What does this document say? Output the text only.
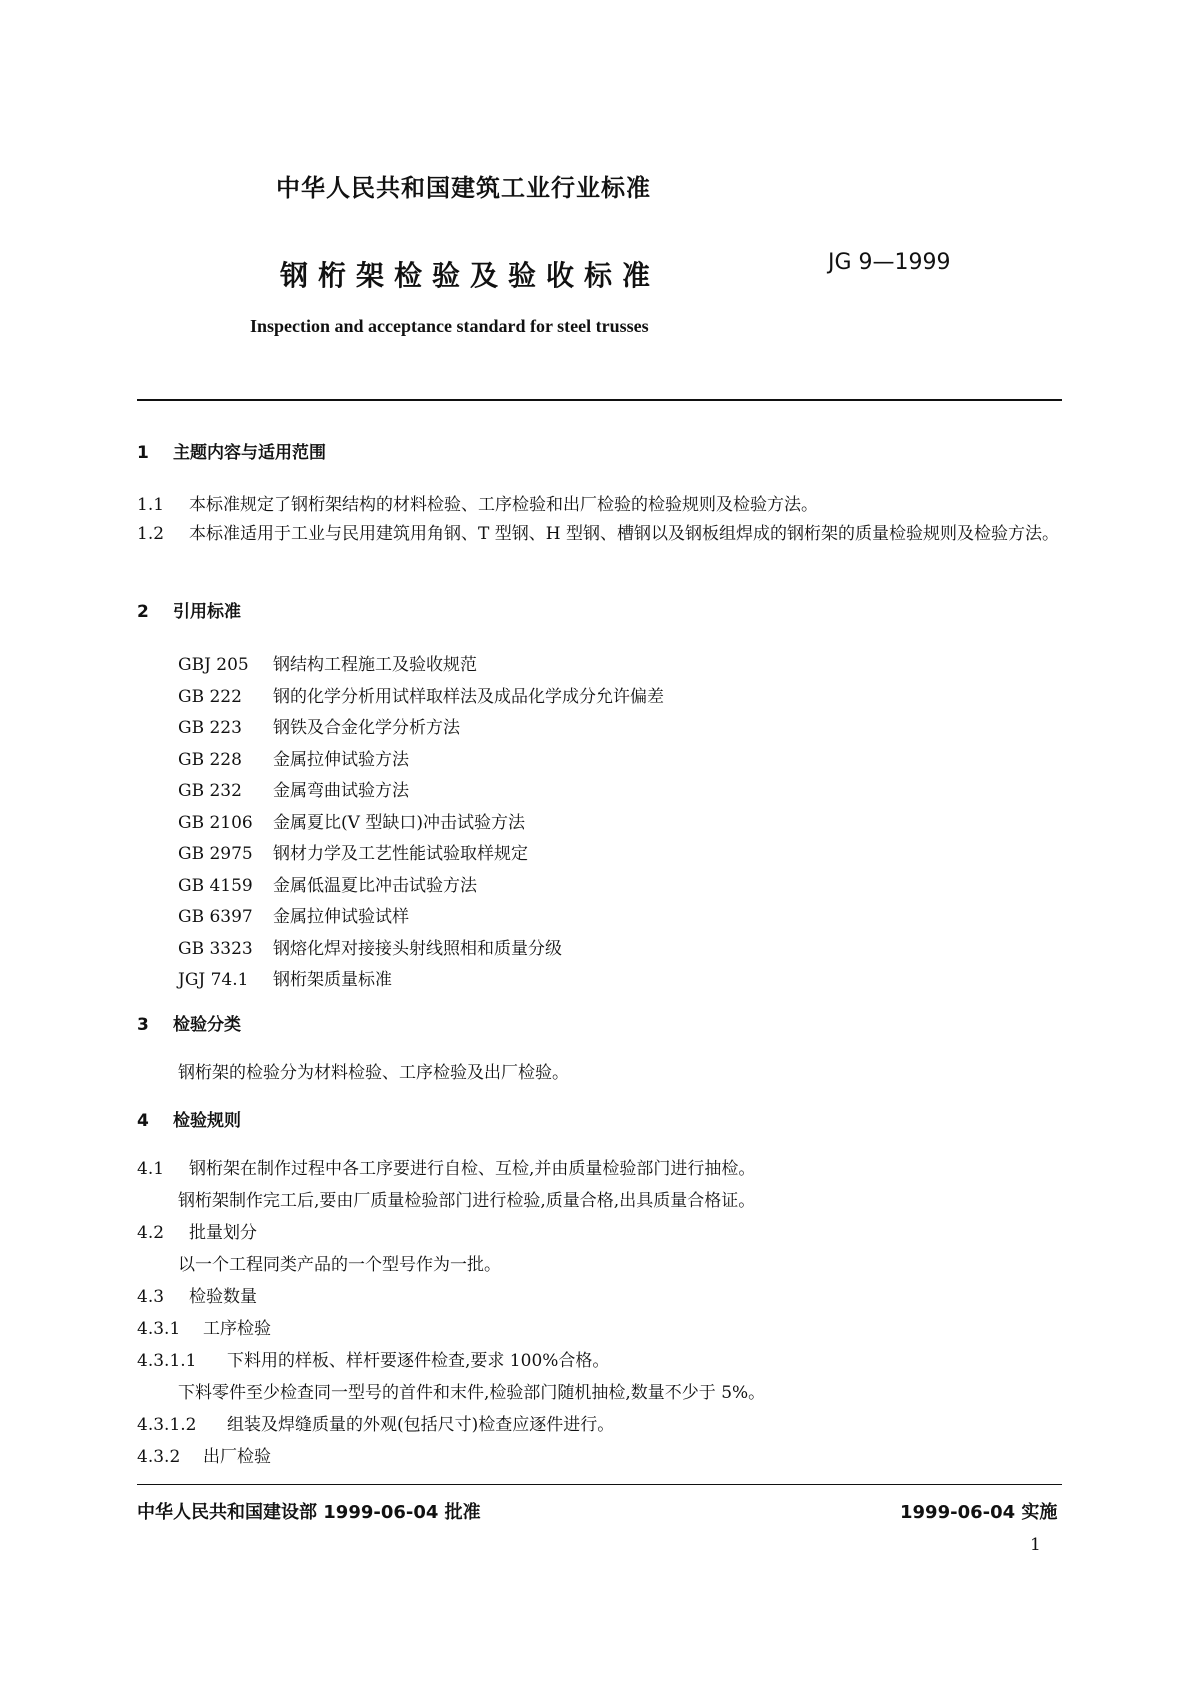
中华人民共和国建筑工业行业标准
钢桁架检验及验收标准	JG 9—1999
Inspection and acceptance standard for steel trusses
1 主题内容与适用范围
1.1 本标准规定了钢桁架结构的材料检验、工序检验和出厂检验的检验规则及检验方法。
1.2 本标准适用于工业与民用建筑用角钢、T 型钢、H 型钢、槽钢以及钢板组焊成的钢桁架的质量检验规则及检验方法。
2 引用标准
GBJ 205 钢结构工程施工及验收规范
GB 222 钢的化学分析用试样取样法及成品化学成分允许偏差
GB 223 钢铁及合金化学分析方法
GB 228 金属拉伸试验方法
GB 232 金属弯曲试验方法
GB 2106 金属夏比(V 型缺口)冲击试验方法
GB 2975 钢材力学及工艺性能试验取样规定
GB 4159 金属低温夏比冲击试验方法
GB 6397 金属拉伸试验试样
GB 3323 钢熔化焊对接接头射线照相和质量分级
JGJ 74.1 钢桁架质量标准
3 检验分类
钢桁架的检验分为材料检验、工序检验及出厂检验。
4 检验规则
4.1 钢桁架在制作过程中各工序要进行自检、互检,并由质量检验部门进行抽检。
钢桁架制作完工后,要由厂质量检验部门进行检验,质量合格,出具质量合格证。
4.2 批量划分
以一个工程同类产品的一个型号作为一批。
4.3 检验数量
4.3.1 工序检验
4.3.1.1 下料用的样板、样杆要逐件检查,要求 100%合格。
下料零件至少检查同一型号的首件和末件,检验部门随机抽检,数量不少于 5%。
4.3.1.2 组装及焊缝质量的外观(包括尺寸)检查应逐件进行。
4.3.2 出厂检验
中华人民共和国建设部 1999-06-04 批准	1999-06-04 实施
1
